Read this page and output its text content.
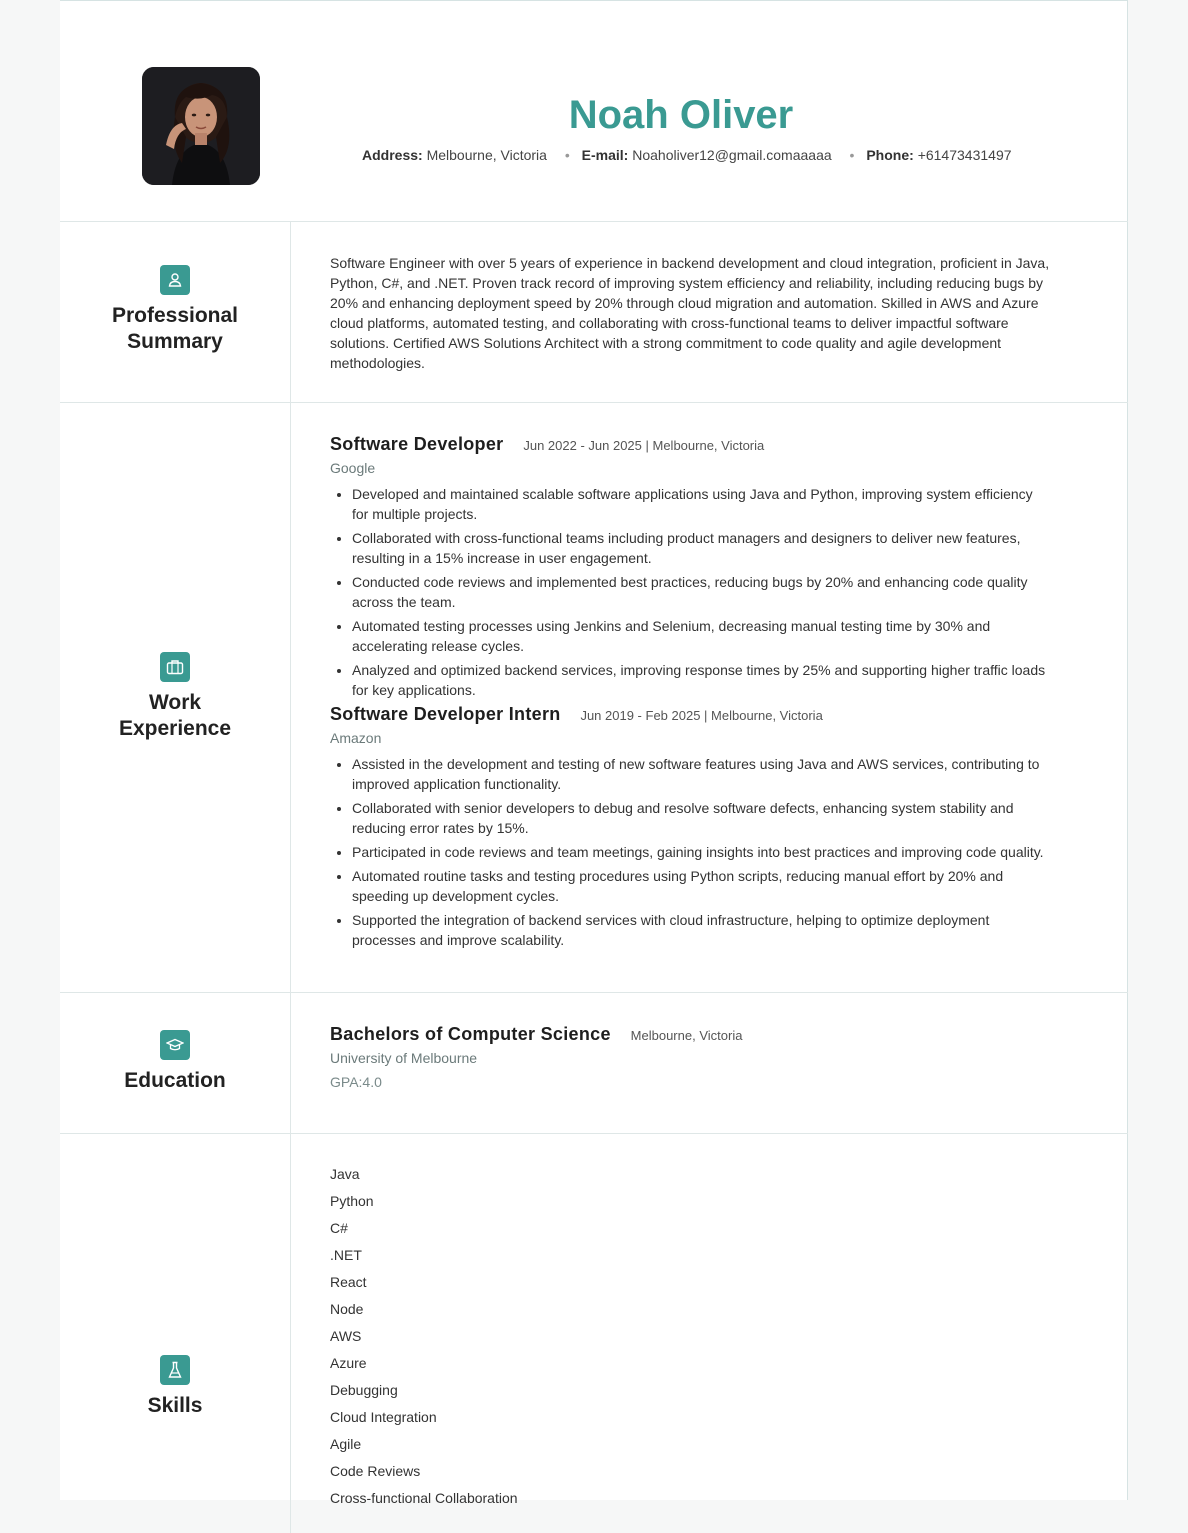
Noah Oliver
Address: Melbourne, Victoria • E-mail: Noaholiver12@gmail.comaaaaa • Phone: +61473431497
Professional
Summary
Software Engineer with over 5 years of experience in backend development and cloud integration, proficient in Java, Python, C#, and .NET. Proven track record of improving system efficiency and reliability, including reducing bugs by 20% and enhancing deployment speed by 20% through cloud migration and automation. Skilled in AWS and Azure cloud platforms, automated testing, and collaborating with cross-functional teams to deliver impactful software solutions. Certified AWS Solutions Architect with a strong commitment to code quality and agile development methodologies.
Work
Experience
Software Developer Jun 2022 - Jun 2025 | Melbourne, Victoria
Google
• Developed and maintained scalable software applications using Java and Python, improving system efficiency for multiple projects.
• Collaborated with cross-functional teams including product managers and designers to deliver new features, resulting in a 15% increase in user engagement.
• Conducted code reviews and implemented best practices, reducing bugs by 20% and enhancing code quality across the team.
• Automated testing processes using Jenkins and Selenium, decreasing manual testing time by 30% and accelerating release cycles.
• Analyzed and optimized backend services, improving response times by 25% and supporting higher traffic loads for key applications.
Software Developer Intern Jun 2019 - Feb 2025 | Melbourne, Victoria
Amazon
• Assisted in the development and testing of new software features using Java and AWS services, contributing to improved application functionality.
• Collaborated with senior developers to debug and resolve software defects, enhancing system stability and reducing error rates by 15%.
• Participated in code reviews and team meetings, gaining insights into best practices and improving code quality.
• Automated routine tasks and testing procedures using Python scripts, reducing manual effort by 20% and speeding up development cycles.
• Supported the integration of backend services with cloud infrastructure, helping to optimize deployment processes and improve scalability.
Education
Bachelors of Computer Science Melbourne, Victoria
University of Melbourne
GPA:4.0
Skills
Java
Python
C#
.NET
React
Node
AWS
Azure
Debugging
Cloud Integration
Agile
Code Reviews
Cross-functional Collaboration
